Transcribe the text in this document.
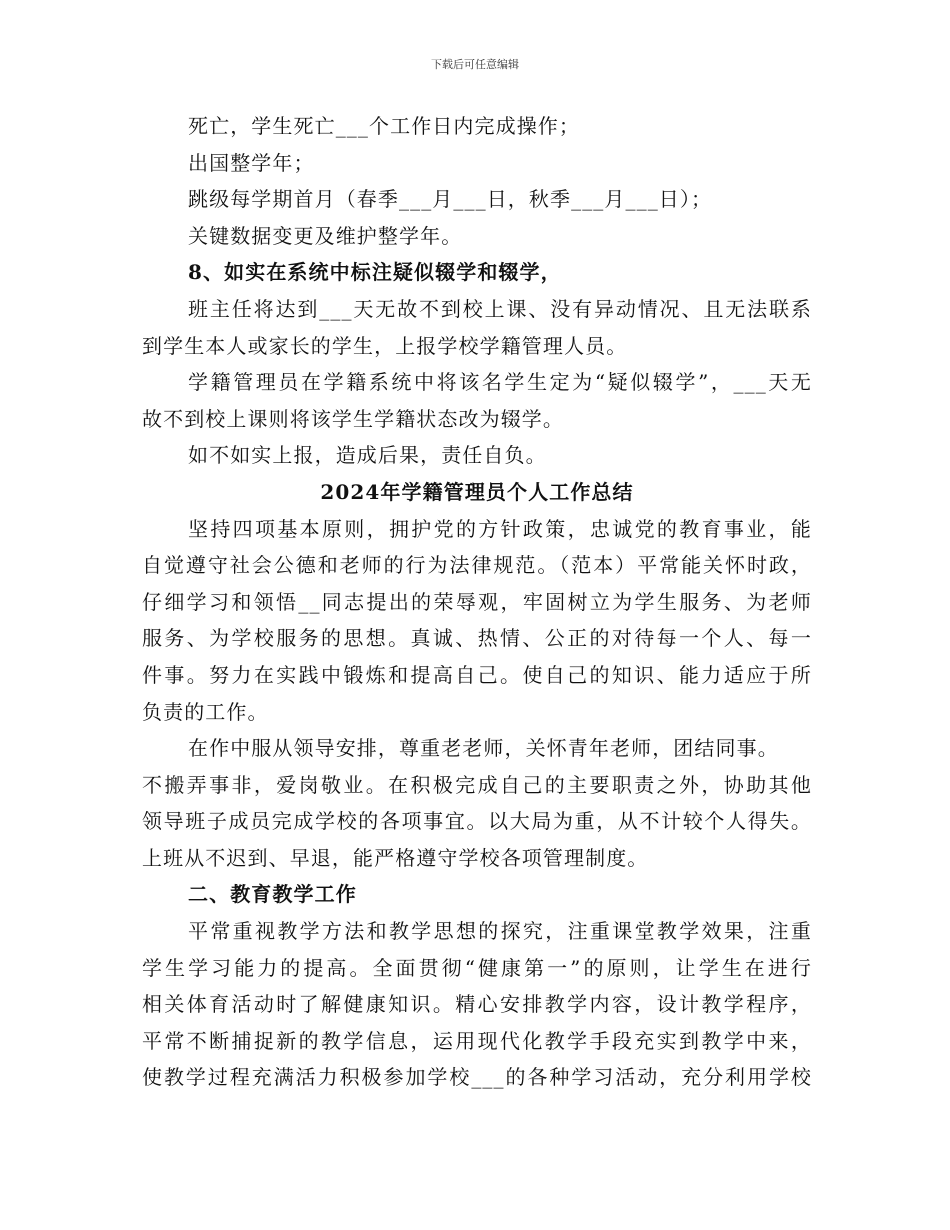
下载后可任意编辑
死亡，学生死亡___个工作日内完成操作；
出国整学年；
跳级每学期首月（春季___月___日，秋季___月___日）；
关键数据变更及维护整学年。
8、如实在系统中标注疑似辍学和辍学，
班主任将达到___天无故不到校上课、没有异动情况、且无法联系
到学生本人或家长的学生，上报学校学籍管理人员。
学籍管理员在学籍系统中将该名学生定为“疑似辍学”，___天无
故不到校上课则将该学生学籍状态改为辍学。
如不如实上报，造成后果，责任自负。
2024年学籍管理员个人工作总结
坚持四项基本原则，拥护党的方针政策，忠诚党的教育事业，能
自觉遵守社会公德和老师的行为法律规范。（范本）平常能关怀时政，
仔细学习和领悟__同志提出的荣辱观，牢固树立为学生服务、为老师
服务、为学校服务的思想。真诚、热情、公正的对待每一个人、每一
件事。努力在实践中锻炼和提高自己。使自己的知识、能力适应于所
负责的工作。
在作中服从领导安排，尊重老老师，关怀青年老师，团结同事。
不搬弄事非，爱岗敬业。在积极完成自己的主要职责之外，协助其他
领导班子成员完成学校的各项事宜。以大局为重，从不计较个人得失。
上班从不迟到、早退，能严格遵守学校各项管理制度。
二、教育教学工作
平常重视教学方法和教学思想的探究，注重课堂教学效果，注重
学生学习能力的提高。全面贯彻“健康第一”的原则，让学生在进行
相关体育活动时了解健康知识。精心安排教学内容，设计教学程序，
平常不断捕捉新的教学信息，运用现代化教学手段充实到教学中来，
使教学过程充满活力积极参加学校___的各种学习活动，充分利用学校
